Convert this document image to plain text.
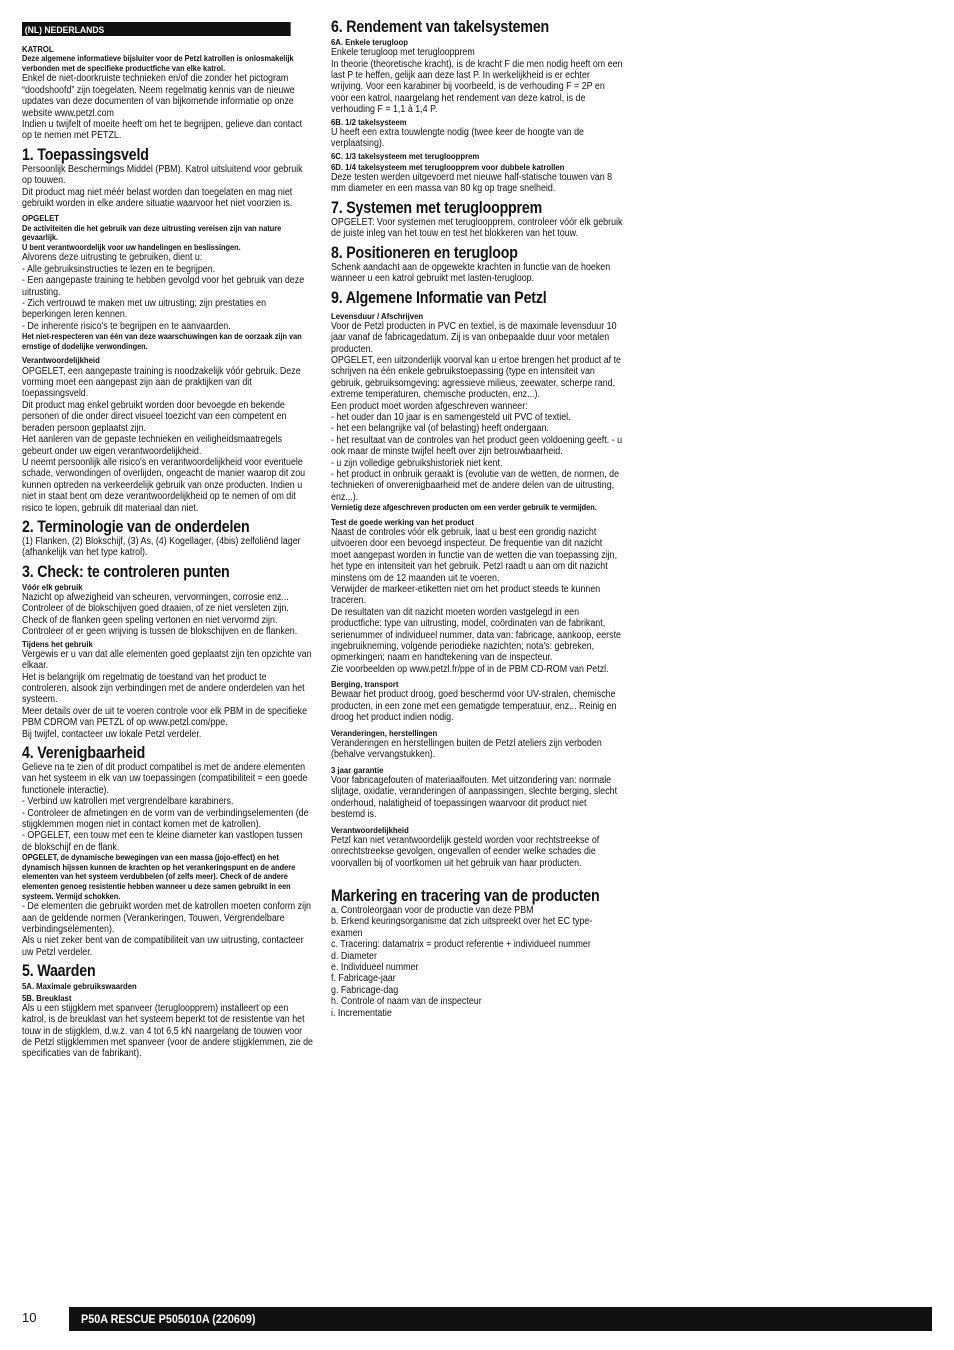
(NL) NEDERLANDS

KATROL

Deze algemene informatieve bijsluiter voor de Petzl katrollen is onlosmakelijk verbonden met de specifieke productfiche van elke katrol.

Enkel de niet-doorkruiste technieken en/of die zonder het pictogram “doodshoofd” zijn toegelaten. Neem regelmatig kennis van de nieuwe updates van deze documenten of van bijkomende informatie op onze website www.petzl.com
Indien u twijfelt of moeite heeft om het te begrijpen, gelieve dan contact op te nemen met PETZL.

1. Toepassingsveld

Persoonlijk Beschermings Middel (PBM). Katrol uitsluitend voor gebruik op touwen.
Dit product mag niet méér belast worden dan toegelaten en mag niet gebruikt worden in elke andere situatie waarvoor het niet voorzien is.

OPGELET

De activiteiten die het gebruik van deze uitrusting vereisen zijn van nature gevaarlijk.
U bent verantwoordelijk voor uw handelingen en beslissingen.

Alvorens deze uitrusting te gebruiken, dient u:
- Alle gebruiksinstructies te lezen en te begrijpen.
- Een aangepaste training te hebben gevolgd voor het gebruik van deze uitrusting.
- Zich vertrouwd te maken met uw uitrusting; zijn prestaties en beperkingen leren kennen.
- De inherente risico's te begrijpen en te aanvaarden.

Het niet-respecteren van één van deze waarschuwingen kan de oorzaak zijn van ernstige of dodelijke verwondingen.

Verantwoordelijkheid

OPGELET, een aangepaste training is noodzakelijk vóór gebruik. Deze vorming moet een aangepast zijn aan de praktijken van dit toepassingsveld.
Dit product mag enkel gebruikt worden door bevoegde en bekende personen of die onder direct visueel toezicht van een competent en beraden persoon geplaatst zijn.
Het aanleren van de gepaste technieken en veiligheidsmaatregels gebeurt onder uw eigen verantwoordelijkheid.
U neemt persoonlijk alle risico's en verantwoordelijkheid voor eventuele schade, verwondingen of overlijden, ongeacht de manier waarop dit zou kunnen optreden na verkeerdelijk gebruik van onze producten. Indien u niet in staat bent om deze verantwoordelijkheid op te nemen of om dit risico te lopen, gebruik dit materiaal dan niet.

2. Terminologie van de onderdelen

(1) Flanken, (2) Blokschijf, (3) As, (4) Kogellager, (4bis) zelfoliënd lager (afhankelijk van het type katrol).

3. Check: te controleren punten

Vóór elk gebruik

Nazicht op afwezigheid van scheuren, vervormingen, corrosie enz...
Controleer of de blokschijven goed draaien, of ze niet versleten zijn.
Check of de flanken geen speling vertonen en niet vervormd zijn.
Controleer of er geen wrijving is tussen de blokschijven en de flanken.

Tijdens het gebruik

Vergewis er u van dat alle elementen goed geplaatst zijn ten opzichte van elkaar.
Het is belangrijk om regelmatig de toestand van het product te controleren, alsook zijn verbindingen met de andere onderdelen van het systeem.
Meer details over de uit te voeren controle voor elk PBM in de specifieke PBM CDROM van PETZL of op www.petzl.com/ppe.
Bij twijfel, contacteer uw lokale Petzl verdeler.

4. Verenigbaarheid

Gelieve na te zien of dit product compatibel is met de andere elementen van het systeem in elk van uw toepassingen (compatibiliteit = een goede functionele interactie).
- Verbind uw katrollen met vergrendelbare karabiners.
- Controleer de afmetingen en de vorm van de verbindingselementen (de stijgklemmen mogen niet in contact komen met de katrollen).
- OPGELET, een touw met een te kleine diameter kan vastlopen tussen de blokschijf en de flank.

OPGELET, de dynamische bewegingen van een massa (jojo-effect) en het dynamisch hijssen kunnen de krachten op het verankeringspunt en de andere elementen van het systeem verdubbelen (of zelfs meer). Check of de andere elementen genoeg resistentie hebben wanneer u deze samen gebruikt in een systeem. Vermijd schokken.

- De elementen die gebruikt worden met de katrollen moeten conform zijn aan de geldende normen (Verankeringen, Touwen, Vergrendelbare verbindingselementen).
Als u niet zeker bent van de compatibiliteit van uw uitrusting, contacteer uw Petzl verdeler.

5. Waarden

5A. Maximale gebruikswaarden

5B. Breuklast

Als u een stijgklem met spanveer (terugloopprem) installeert op een katrol, is de breuklast van het systeem beperkt tot de resistentie van het touw in de stijgklem, d.w.z. van 4 tot 6,5 kN naargelang de touwen voor de Petzl stijgklemmen met spanveer (voor de andere stijgklemmen, zie de specificaties van de fabrikant).

6. Rendement van takelsystemen

6A. Enkele terugloop

Enkele terugloop met terugloopprem
In theorie (theoretische kracht), is de kracht F die men nodig heeft om een last P te heffen, gelijk aan deze last P. In werkelijkheid is er echter wrijving. Voor een karabiner bij voorbeeld, is de verhouding F = 2P en voor een katrol, naargelang het rendement van deze katrol, is de verhouding F = 1,1 à 1,4 P.

6B. 1/2 takelsysteem

U heeft een extra touwlengte nodig (twee keer de hoogte van de verplaatsing).

6C. 1/3 takelsysteem met terugloopprem

6D. 1/4 takelsysteem met terugloopprem voor dubbele katrollen

Deze testen werden uitgevoerd met nieuwe half-statische touwen van 8 mm diameter en een massa van 80 kg op trage snelheid.

7. Systemen met terugloopprem

OPGELET: Voor systemen met terugloopprem, controleer vóór elk gebruik de juiste inleg van het touw en test het blokkeren van het touw.

8. Positioneren en terugloop

Schenk aandacht aan de opgewekte krachten in functie van de hoeken wanneer u een katrol gebruikt met lasten-terugloop.

9. Algemene Informatie van Petzl

Levensduur / Afschrijven

Voor de Petzl producten in PVC en textiel, is de maximale levensduur 10 jaar vanaf de fabricagedatum. Zij is van onbepaalde duur voor metalen producten.
OPGELET, een uitzonderlijk voorval kan u ertoe brengen het product af te schrijven na één enkele gebruikstoepassing (type en intensiteit van gebruik, gebruiksomgeving: agressieve milieus, zeewater, scherpe rand, extreme temperaturen, chemische producten, enz...).
Een product moet worden afgeschreven wanneer:
- het ouder dan 10 jaar is en samengesteld uit PVC of textiel.
- het een belangrijke val (of belasting) heeft ondergaan.
- het resultaat van de controles van het product geen voldoening geeft. - u ook maar de minste twijfel heeft over zijn betrouwbaarheid.
- u zijn volledige gebruikshistoriek niet kent.
- het product in onbruik geraakt is (evolutie van de wetten, de normen, de technieken of onverenigbaarheid met de andere delen van de uitrusting, enz...).

Vernietig deze afgeschreven producten om een verder gebruik te vermijden.

Test de goede werking van het product

Naast de controles vóór elk gebruik, laat u best een grondig nazicht uitvoeren door een bevoegd inspecteur. De frequentie van dit nazicht moet aangepast worden in functie van de wetten die van toepassing zijn, het type en intensiteit van het gebruik. Petzl raadt u aan om dit nazicht minstens om de 12 maanden uit te voeren.
Verwijder de markeer-etiketten niet om het product steeds te kunnen traceren.
De resultaten van dit nazicht moeten worden vastgelegd in een productfiche: type van uitrusting, model, coördinaten van de fabrikant, serienummer of individueel nummer, data van: fabricage, aankoop, eerste ingebruikneming, volgende periodieke nazichten; nota's: gebreken, opmerkingen; naam en handtekening van de inspecteur.
Zie voorbeelden op www.petzl.fr/ppe of in de PBM CD-ROM van Petzl.

Berging, transport

Bewaar het product droog, goed beschermd voor UV-stralen, chemische producten, in een zone met een gematigde temperatuur, enz... Reinig en droog het product indien nodig.

Veranderingen, herstellingen

Veranderingen en herstellingen buiten de Petzl ateliers zijn verboden (behalve vervangstukken).

3 jaar garantie

Voor fabricagefouten of materiaalfouten. Met uitzondering van: normale slijtage, oxidatie, veranderingen of aanpassingen, slechte berging, slecht onderhoud, nalatigheid of toepassingen waarvoor dit product niet bestemd is.

Verantwoordelijkheid

Petzl kan niet verantwoordelijk gesteld worden voor rechtstreekse of onrechtstreekse gevolgen, ongevallen of eender welke schades die voorvallen bij of voortkomen uit het gebruik van haar producten.

Markering en tracering van de producten

a. Controleorgaan voor de productie van deze PBM

b. Erkend keuringsorganisme dat zich uitspreekt over het EC type-examen

c. Tracering: datamatrix = product referentie + individueel nummer

d. Diameter

e. Individueel nummer

f. Fabricage-jaar

g. Fabricage-dag

h. Controle of naam van de inspecteur

i. Incrementatie

10	P50A RESCUE P505010A (220609)
